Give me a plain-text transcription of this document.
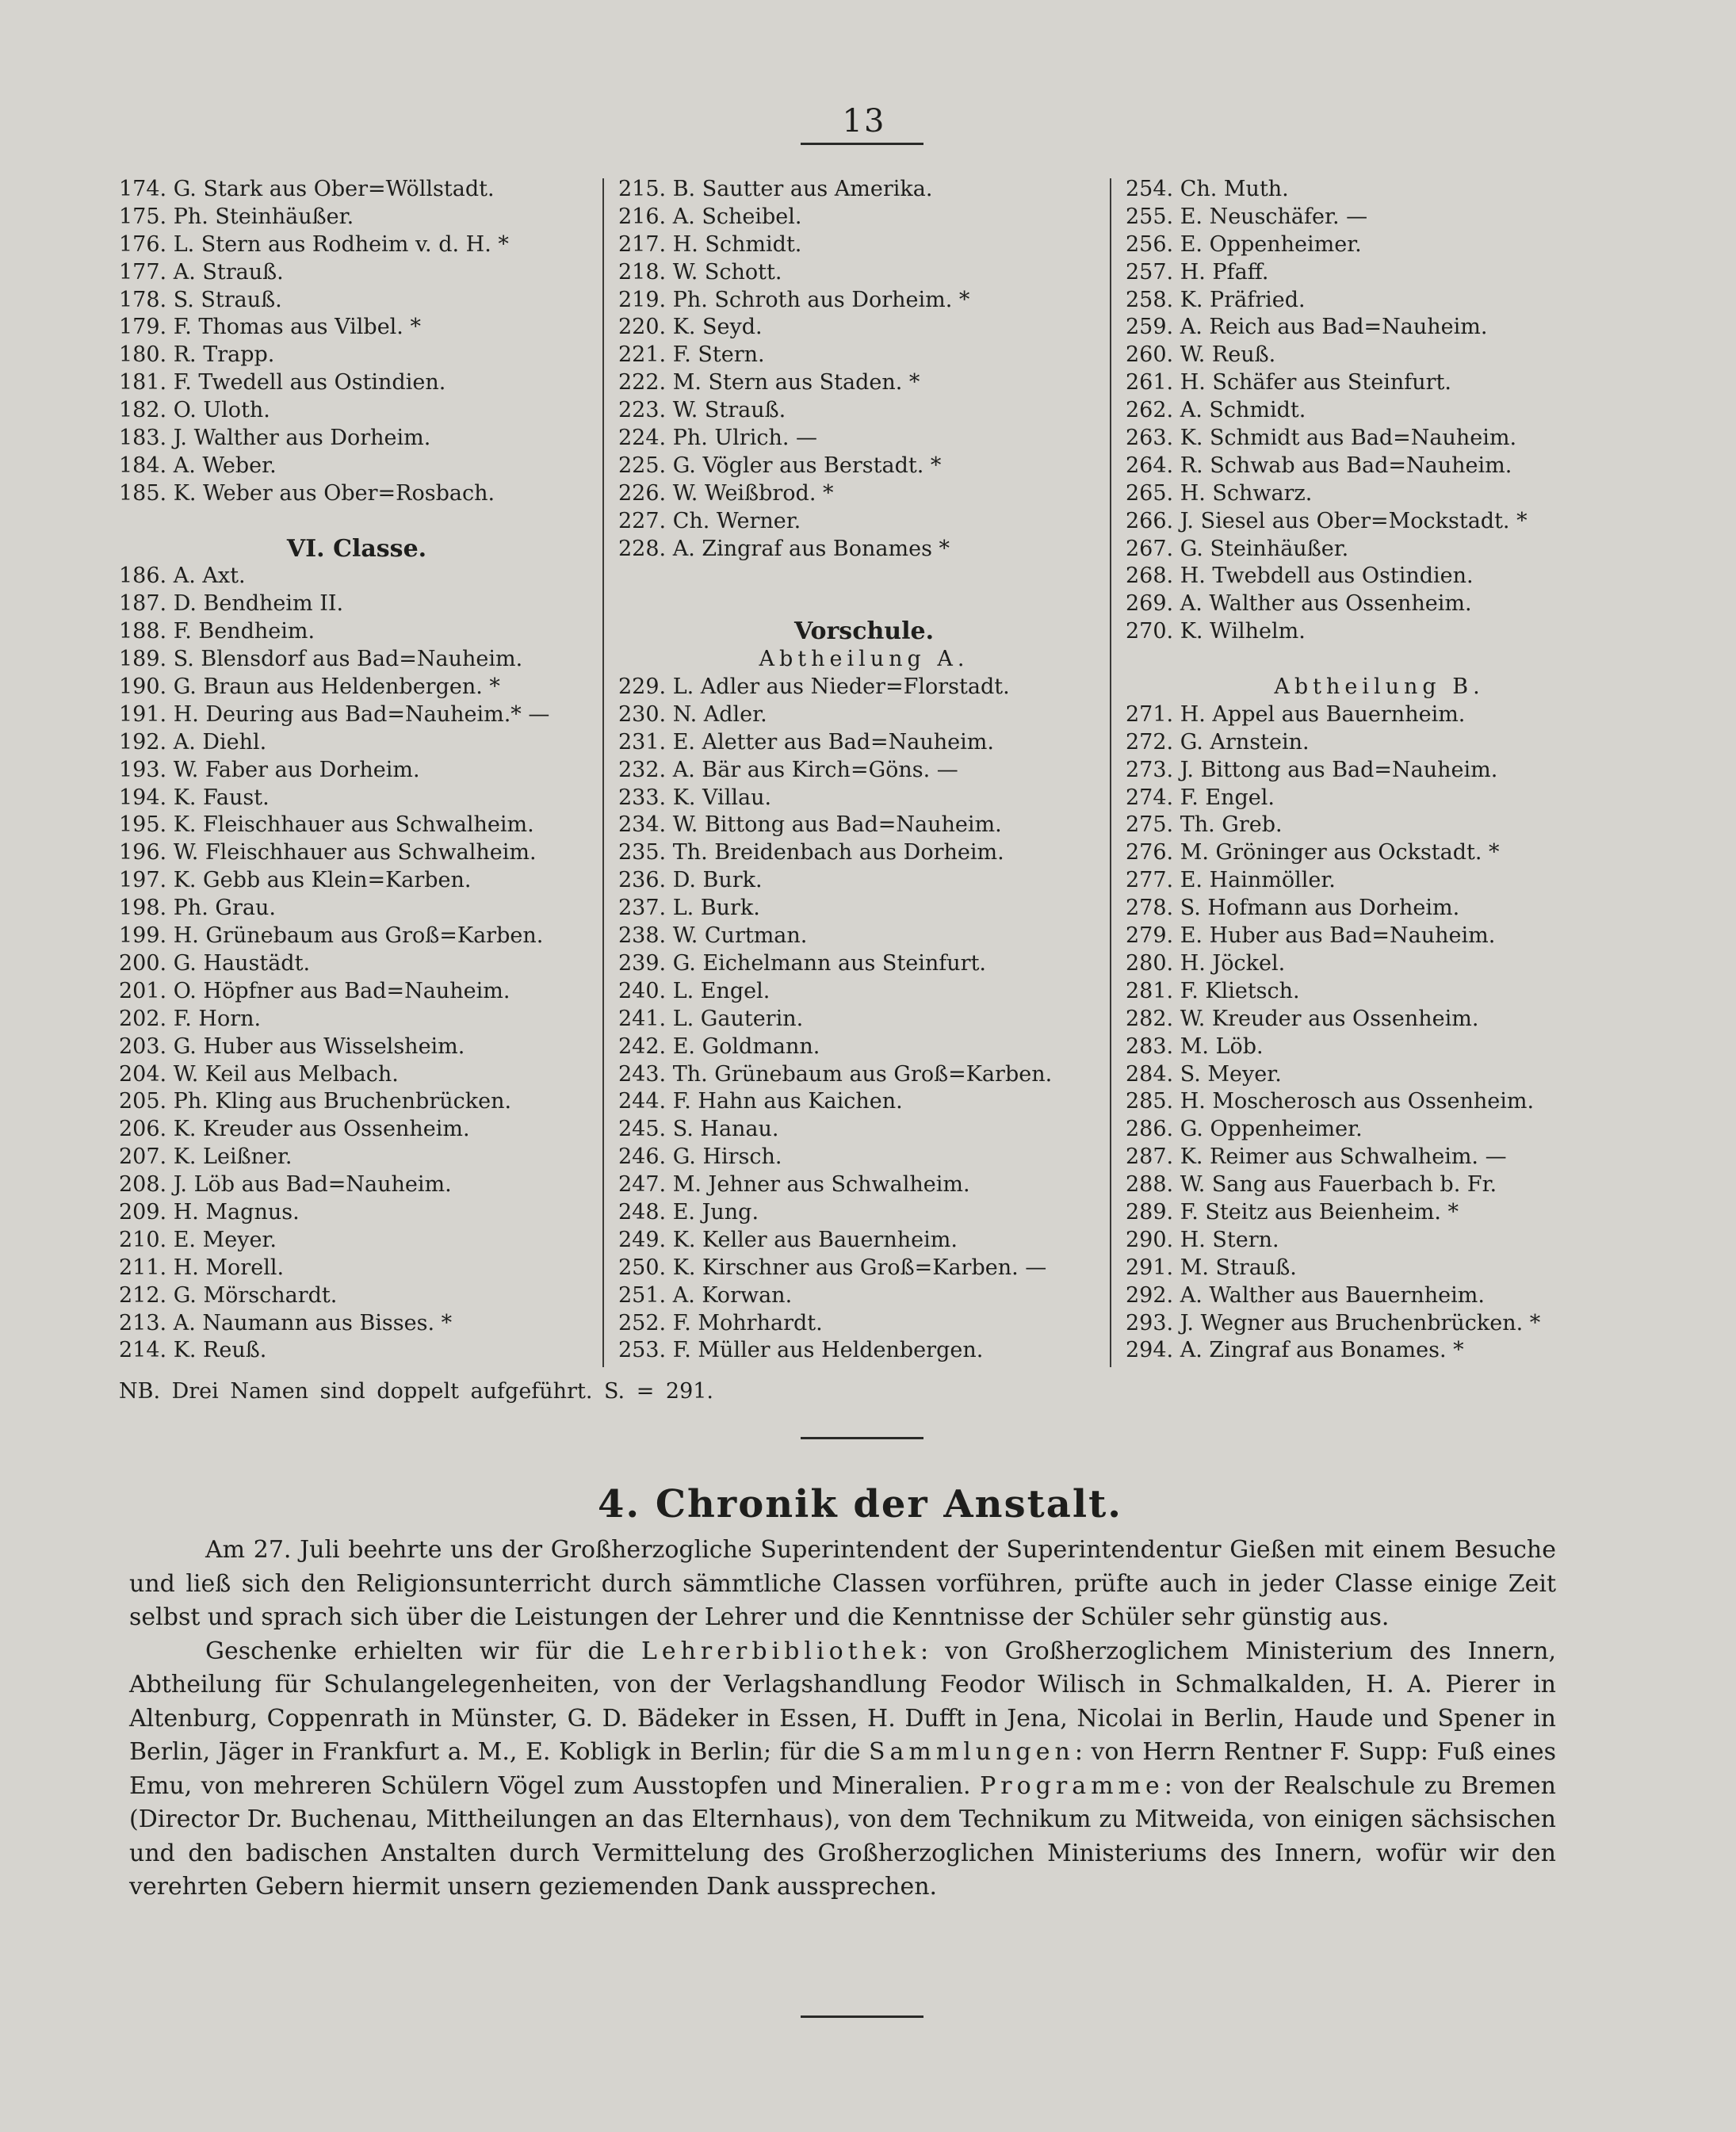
13
174. G. Stark aus Ober=Wöllstadt.
175. Ph. Steinhäußer.
176. L. Stern aus Rodheim v. d. H. *
177. A. Strauß.
178. S. Strauß.
179. F. Thomas aus Vilbel. *
180. R. Trapp.
181. F. Twedell aus Ostindien.
182. O. Uloth.
183. J. Walther aus Dorheim.
184. A. Weber.
185. K. Weber aus Ober=Rosbach.
VI. Classe.
186. A. Axt.
187. D. Bendheim II.
188. F. Bendheim.
189. S. Blensdorf aus Bad=Nauheim.
190. G. Braun aus Heldenbergen. *
191. H. Deuring aus Bad=Nauheim.* —
192. A. Diehl.
193. W. Faber aus Dorheim.
194. K. Faust.
195. K. Fleischhauer aus Schwalheim.
196. W. Fleischhauer aus Schwalheim.
197. K. Gebb aus Klein=Karben.
198. Ph. Grau.
199. H. Grünebaum aus Groß=Karben.
200. G. Haustädt.
201. O. Höpfner aus Bad=Nauheim.
202. F. Horn.
203. G. Huber aus Wisselsheim.
204. W. Keil aus Melbach.
205. Ph. Kling aus Bruchenbrücken.
206. K. Kreuder aus Ossenheim.
207. K. Leißner.
208. J. Löb aus Bad=Nauheim.
209. H. Magnus.
210. E. Meyer.
211. H. Morell.
212. G. Mörschardt.
213. A. Naumann aus Bisses. *
214. K. Reuß.
215. B. Sautter aus Amerika.
216. A. Scheibel.
217. H. Schmidt.
218. W. Schott.
219. Ph. Schroth aus Dorheim. *
220. K. Seyd.
221. F. Stern.
222. M. Stern aus Staden. *
223. W. Strauß.
224. Ph. Ulrich. —
225. G. Vögler aus Berstadt. *
226. W. Weißbrod. *
227. Ch. Werner.
228. A. Zingraf aus Bonames *
Vorschule.
Abtheilung A.
229. L. Adler aus Nieder=Florstadt.
230. N. Adler.
231. E. Aletter aus Bad=Nauheim.
232. A. Bär aus Kirch=Göns. —
233. K. Villau.
234. W. Bittong aus Bad=Nauheim.
235. Th. Breidenbach aus Dorheim.
236. D. Burk.
237. L. Burk.
238. W. Curtman.
239. G. Eichelmann aus Steinfurt.
240. L. Engel.
241. L. Gauterin.
242. E. Goldmann.
243. Th. Grünebaum aus Groß=Karben.
244. F. Hahn aus Kaichen.
245. S. Hanau.
246. G. Hirsch.
247. M. Jehner aus Schwalheim.
248. E. Jung.
249. K. Keller aus Bauernheim.
250. K. Kirschner aus Groß=Karben. —
251. A. Korwan.
252. F. Mohrhardt.
253. F. Müller aus Heldenbergen.
254. Ch. Muth.
255. E. Neuschäfer. —
256. E. Oppenheimer.
257. H. Pfaff.
258. K. Präfried.
259. A. Reich aus Bad=Nauheim.
260. W. Reuß.
261. H. Schäfer aus Steinfurt.
262. A. Schmidt.
263. K. Schmidt aus Bad=Nauheim.
264. R. Schwab aus Bad=Nauheim.
265. H. Schwarz.
266. J. Siesel aus Ober=Mockstadt. *
267. G. Steinhäußer.
268. H. Twebdell aus Ostindien.
269. A. Walther aus Ossenheim.
270. K. Wilhelm.
Abtheilung B.
271. H. Appel aus Bauernheim.
272. G. Arnstein.
273. J. Bittong aus Bad=Nauheim.
274. F. Engel.
275. Th. Greb.
276. M. Gröninger aus Ockstadt. *
277. E. Hainmöller.
278. S. Hofmann aus Dorheim.
279. E. Huber aus Bad=Nauheim.
280. H. Jöckel.
281. F. Klietsch.
282. W. Kreuder aus Ossenheim.
283. M. Löb.
284. S. Meyer.
285. H. Moscherosch aus Ossenheim.
286. G. Oppenheimer.
287. K. Reimer aus Schwalheim. —
288. W. Sang aus Fauerbach b. Fr.
289. F. Steitz aus Beienheim. *
290. H. Stern.
291. M. Strauß.
292. A. Walther aus Bauernheim.
293. J. Wegner aus Bruchenbrücken. *
294. A. Zingraf aus Bonames. *
NB. Drei Namen sind doppelt aufgeführt. S. = 291.
4. Chronik der Anstalt.

Am 27. Juli beehrte uns der Großherzogliche Superintendent der Superintendentur Gießen mit einem Besuche und ließ sich den Religionsunterricht durch sämmtliche Classen vorführen, prüfte auch in jeder Classe einige Zeit selbst und sprach sich über die Leistungen der Lehrer und die Kenntnisse der Schüler sehr günstig aus.

Geschenke erhielten wir für die Lehrerbibliothek: von Großherzoglichem Ministerium des Innern, Abtheilung für Schulangelegenheiten, von der Verlagshandlung Feodor Wilisch in Schmalkalden, H. A. Pierer in Altenburg, Coppenrath in Münster, G. D. Bädeker in Essen, H. Dufft in Jena, Nicolai in Berlin, Haude und Spener in Berlin, Jäger in Frankfurt a. M., E. Kobligk in Berlin; für die Sammlungen: von Herrn Rentner F. Supp: Fuß eines Emu, von mehreren Schülern Vögel zum Ausstopfen und Mineralien. Programme: von der Realschule zu Bremen (Director Dr. Buchenau, Mittheilungen an das Elternhaus), von dem Technikum zu Mitweida, von einigen sächsischen und den badischen Anstalten durch Vermittelung des Großherzoglichen Ministeriums des Innern, wofür wir den verehrten Gebern hiermit unsern geziemenden Dank aussprechen.
